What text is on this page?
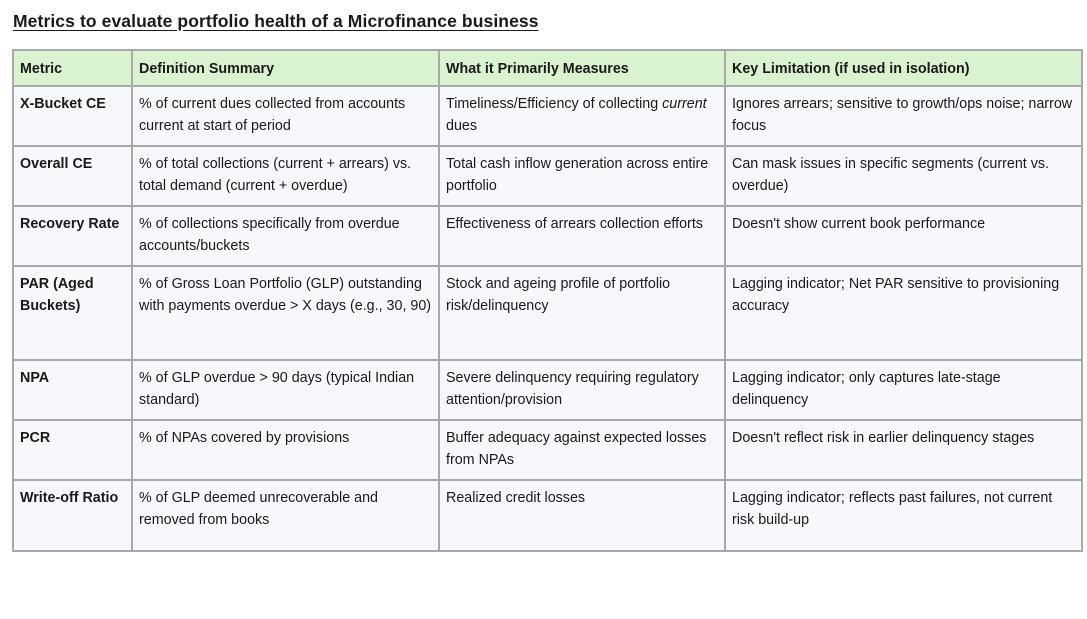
Metrics to evaluate portfolio health of a Microfinance business
Metric	Definition Summary	What it Primarily Measures	Key Limitation (if used in isolation)
X-Bucket CE	% of current dues collected from accounts current at start of period	Timeliness/Efficiency of collecting current dues	Ignores arrears; sensitive to growth/ops noise; narrow focus
Overall CE	% of total collections (current + arrears) vs. total demand (current + overdue)	Total cash inflow generation across entire portfolio	Can mask issues in specific segments (current vs. overdue)
Recovery Rate	% of collections specifically from overdue accounts/buckets	Effectiveness of arrears collection efforts	Doesn't show current book performance
PAR (Aged Buckets)	% of Gross Loan Portfolio (GLP) outstanding with payments overdue > X days (e.g., 30, 90)	Stock and ageing profile of portfolio risk/delinquency	Lagging indicator; Net PAR sensitive to provisioning accuracy
NPA	% of GLP overdue > 90 days (typical Indian standard)	Severe delinquency requiring regulatory attention/provision	Lagging indicator; only captures late-stage delinquency
PCR	% of NPAs covered by provisions	Buffer adequacy against expected losses from NPAs	Doesn't reflect risk in earlier delinquency stages
Write-off Ratio	% of GLP deemed unrecoverable and removed from books	Realized credit losses	Lagging indicator; reflects past failures, not current risk build-up
